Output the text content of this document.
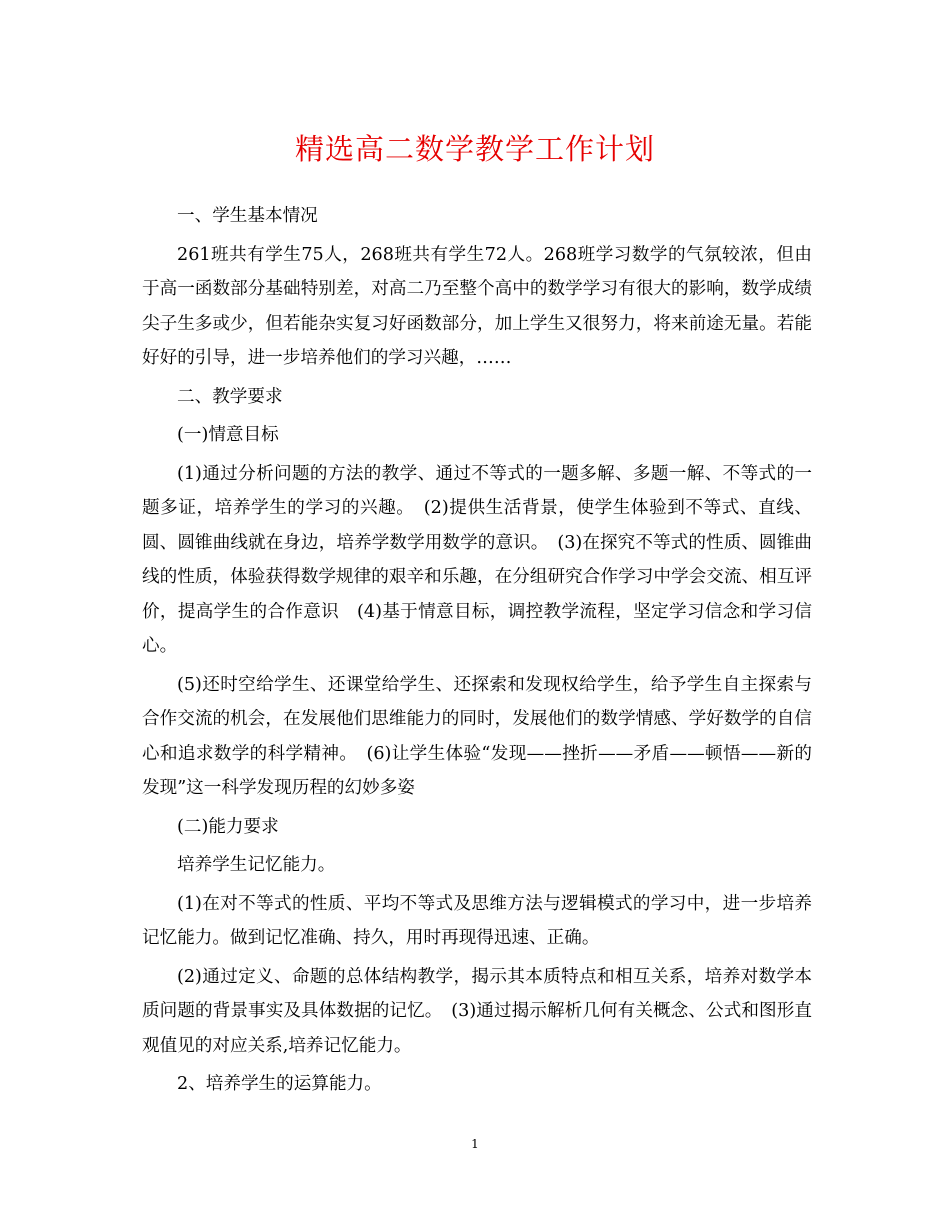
精选高二数学教学工作计划

一、学生基本情况

261班共有学生75人，268班共有学生72人。268班学习数学的气氛较浓，但由于高一函数部分基础特别差，对高二乃至整个高中的数学学习有很大的影响，数学成绩尖子生多或少，但若能杂实复习好函数部分，加上学生又很努力，将来前途无量。若能好好的引导，进一步培养他们的学习兴趣，……

二、教学要求

(一)情意目标

(1)通过分析问题的方法的教学、通过不等式的一题多解、多题一解、不等式的一题多证，培养学生的学习的兴趣。　(2)提供生活背景，使学生体验到不等式、直线、圆、圆锥曲线就在身边，培养学数学用数学的意识。　(3)在探究不等式的性质、圆锥曲线的性质，体验获得数学规律的艰辛和乐趣，在分组研究合作学习中学会交流、相互评价，提高学生的合作意识　(4)基于情意目标，调控教学流程，坚定学习信念和学习信心。

(5)还时空给学生、还课堂给学生、还探索和发现权给学生，给予学生自主探索与合作交流的机会，在发展他们思维能力的同时，发展他们的数学情感、学好数学的自信心和追求数学的科学精神。　(6)让学生体验“发现——挫折——矛盾——顿悟——新的发现”这一科学发现历程的幻妙多姿

(二)能力要求

培养学生记忆能力。

(1)在对不等式的性质、平均不等式及思维方法与逻辑模式的学习中，进一步培养记忆能力。做到记忆准确、持久，用时再现得迅速、正确。

(2)通过定义、命题的总体结构教学，揭示其本质特点和相互关系，培养对数学本质问题的背景事实及具体数据的记忆。　(3)通过揭示解析几何有关概念、公式和图形直观值见的对应关系,培养记忆能力。

2、培养学生的运算能力。

1
